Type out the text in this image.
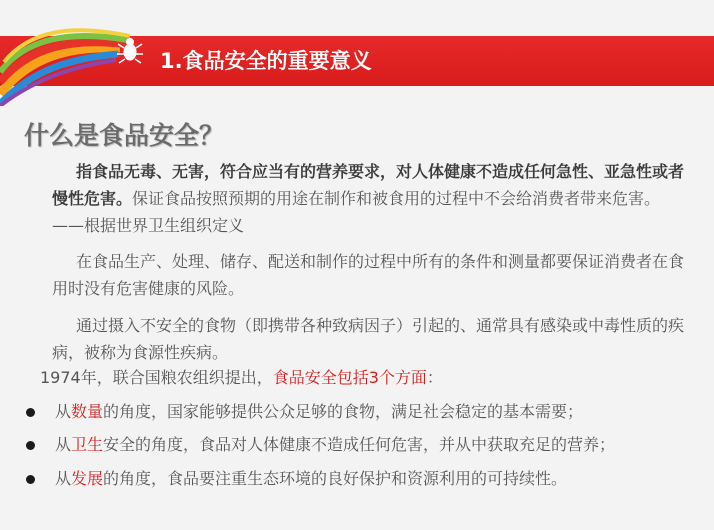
1.食品安全的重要意义
什么是食品安全？
指食品无毒、无害，符合应当有的营养要求，对人体健康不造成任何急性、亚急性或者慢性危害。保证食品按照预期的用途在制作和被食用的过程中不会给消费者带来危害。——根据世界卫生组织定义
在食品生产、处理、储存、配送和制作的过程中所有的条件和测量都要保证消费者在食用时没有危害健康的风险。
通过摄入不安全的食物（即携带各种致病因子）引起的、通常具有感染或中毒性质的疾病，被称为食源性疾病。
1974年，联合国粮农组织提出，食品安全包括3个方面：
从数量的角度，国家能够提供公众足够的食物，满足社会稳定的基本需要；
从卫生安全的角度，食品对人体健康不造成任何危害，并从中获取充足的营养；
从发展的角度，食品要注重生态环境的良好保护和资源利用的可持续性。
